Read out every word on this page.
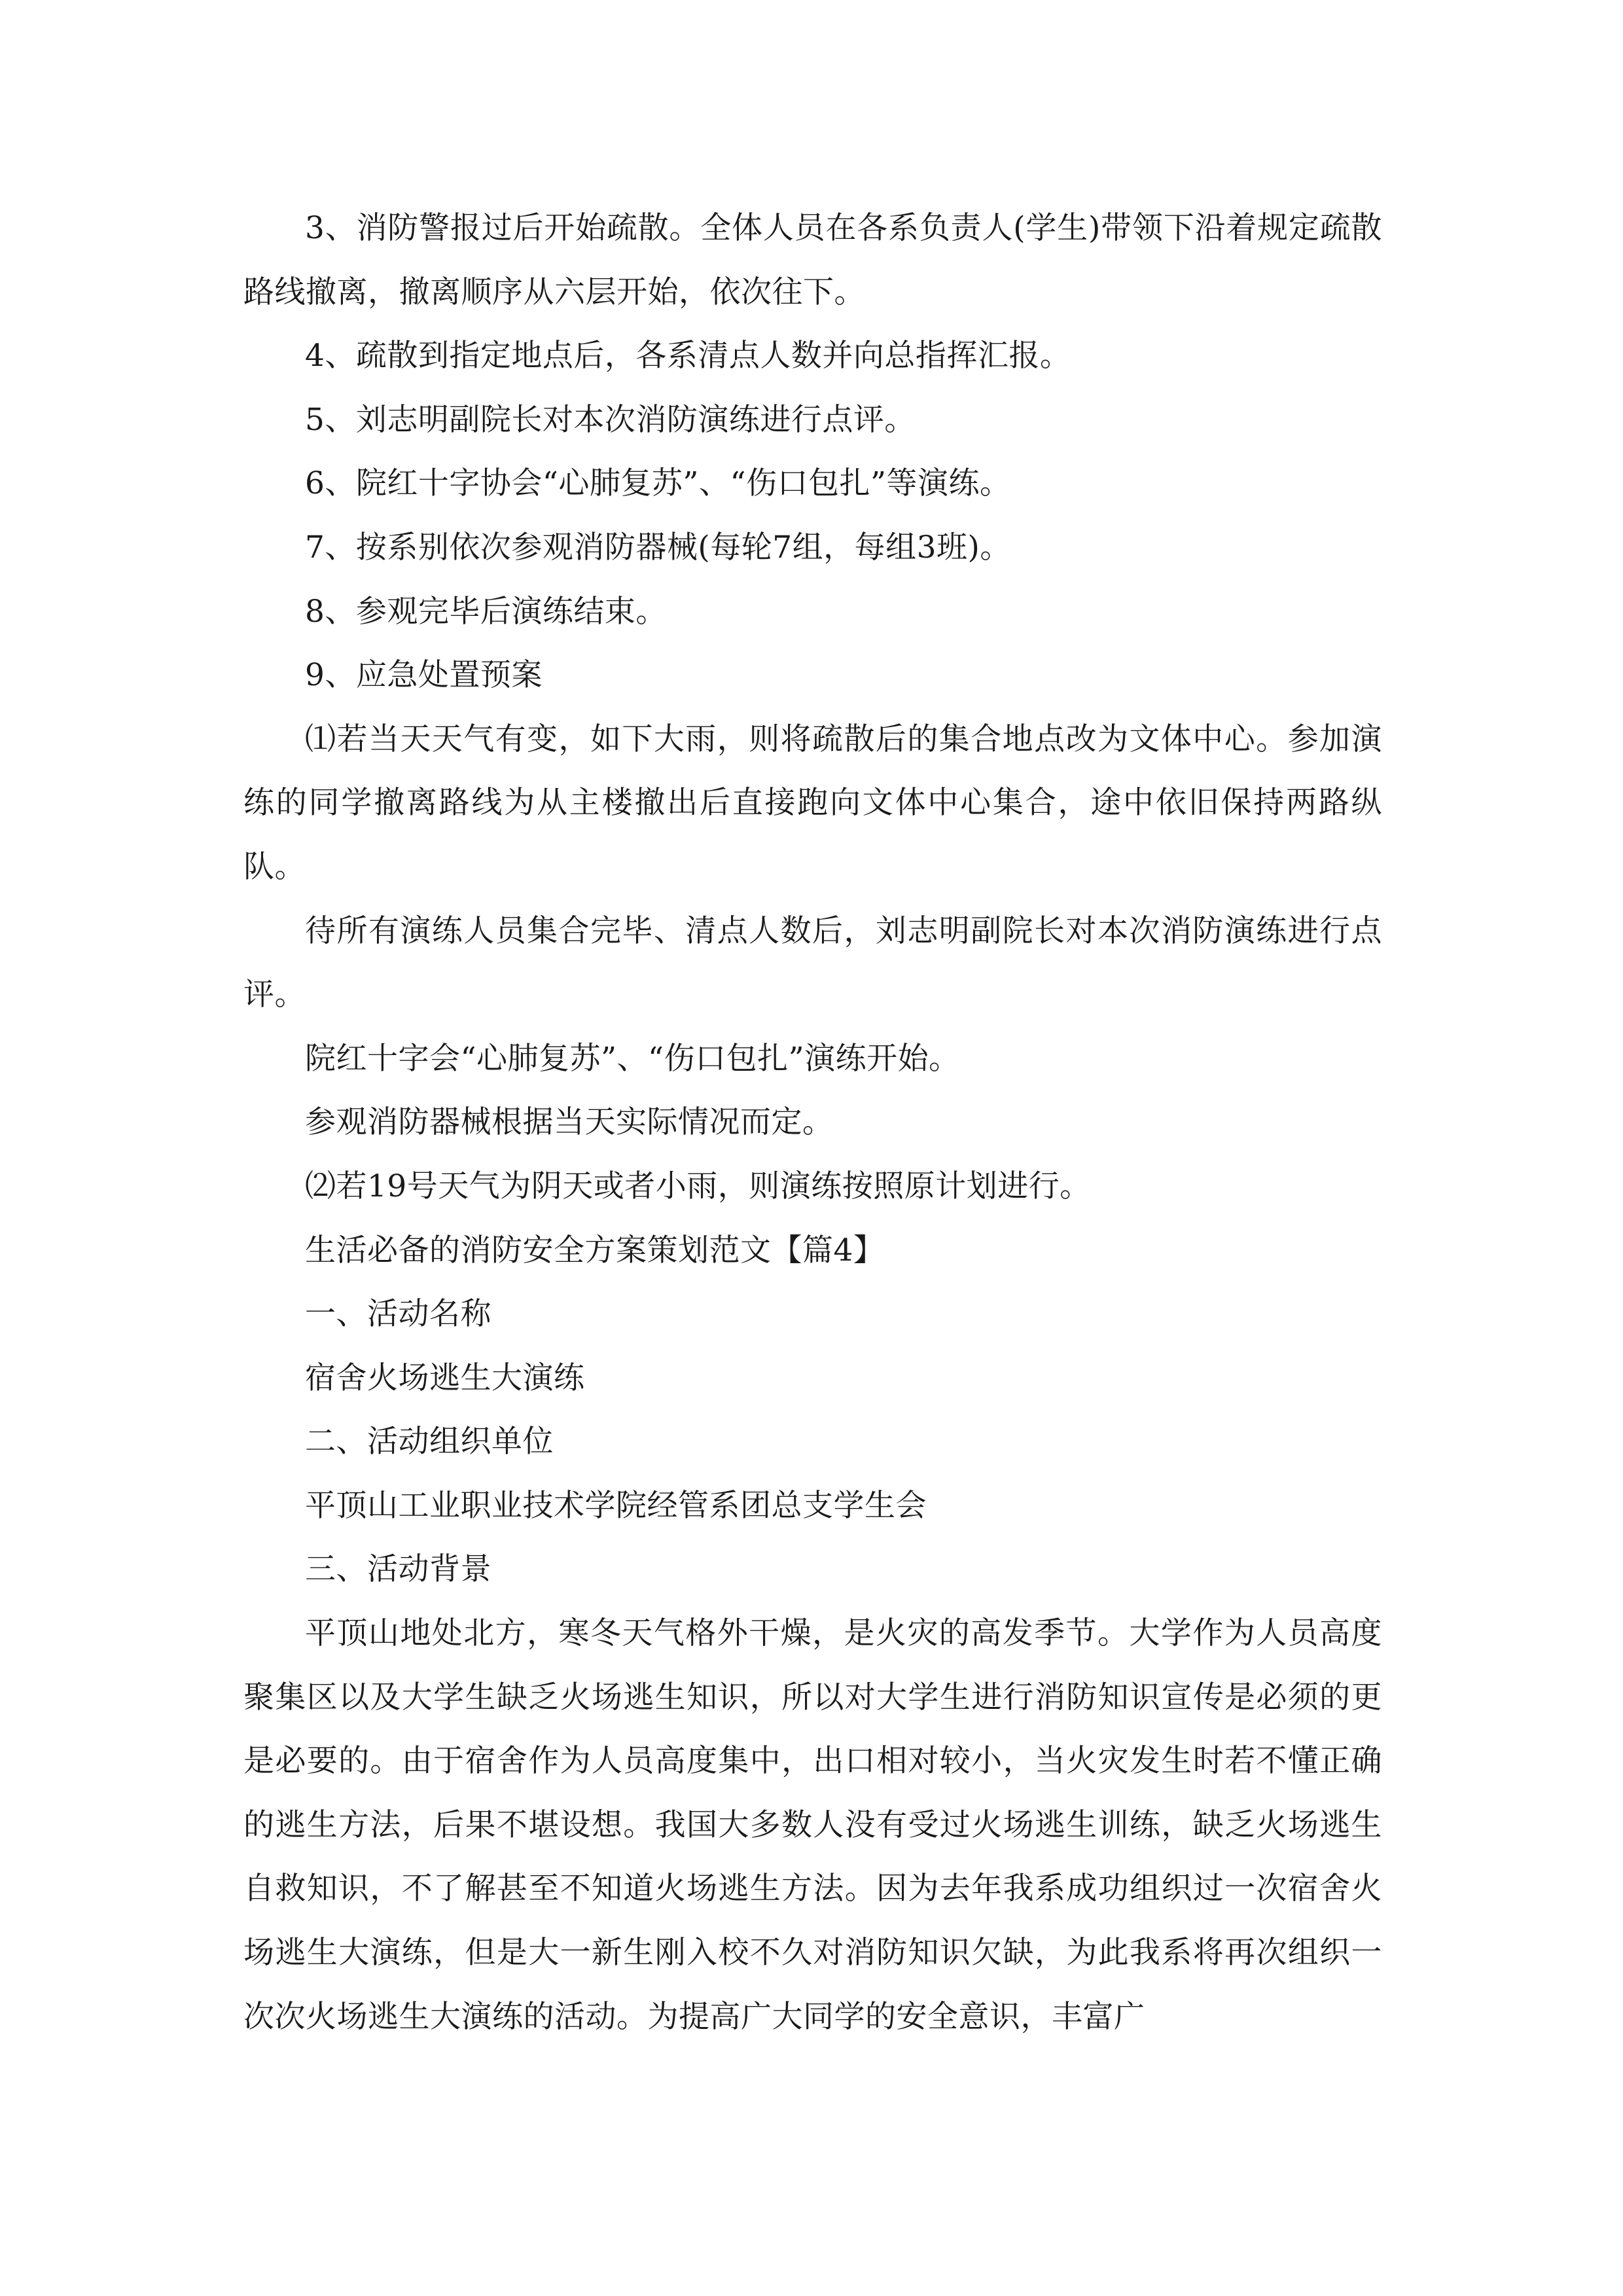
3、消防警报过后开始疏散。全体人员在各系负责人(学生)带领下沿着规定疏散路线撤离，撤离顺序从六层开始，依次往下。

4、疏散到指定地点后，各系清点人数并向总指挥汇报。

5、刘志明副院长对本次消防演练进行点评。

6、院红十字协会“心肺复苏”、“伤口包扎”等演练。

7、按系别依次参观消防器械(每轮7组，每组3班)。

8、参观完毕后演练结束。

9、应急处置预案

⑴若当天天气有变，如下大雨，则将疏散后的集合地点改为文体中心。参加演练的同学撤离路线为从主楼撤出后直接跑向文体中心集合，途中依旧保持两路纵队。

待所有演练人员集合完毕、清点人数后，刘志明副院长对本次消防演练进行点评。

院红十字会“心肺复苏”、“伤口包扎”演练开始。

参观消防器械根据当天实际情况而定。

⑵若19号天气为阴天或者小雨，则演练按照原计划进行。

生活必备的消防安全方案策划范文【篇4】

一、活动名称

宿舍火场逃生大演练

二、活动组织单位

平顶山工业职业技术学院经管系团总支学生会

三、活动背景

平顶山地处北方，寒冬天气格外干燥，是火灾的高发季节。大学作为人员高度聚集区以及大学生缺乏火场逃生知识，所以对大学生进行消防知识宣传是必须的更是必要的。由于宿舍作为人员高度集中，出口相对较小，当火灾发生时若不懂正确的逃生方法，后果不堪设想。我国大多数人没有受过火场逃生训练，缺乏火场逃生自救知识，不了解甚至不知道火场逃生方法。因为去年我系成功组织过一次宿舍火场逃生大演练，但是大一新生刚入校不久对消防知识欠缺，为此我系将再次组织一次次火场逃生大演练的活动。为提高广大同学的安全意识，丰富广
